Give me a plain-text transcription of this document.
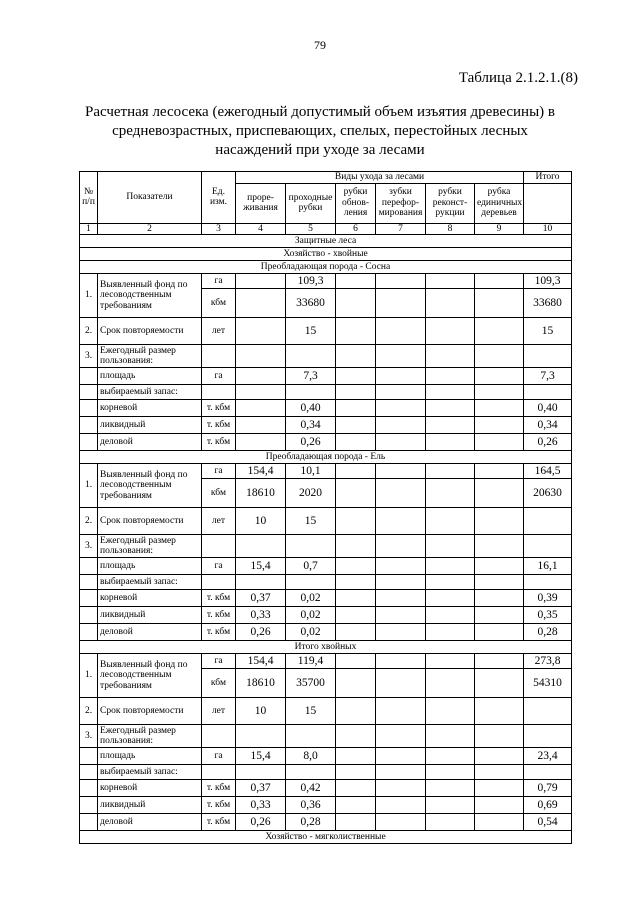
79
Таблица 2.1.2.1.(8)
Расчетная лесосека (ежегодный допустимый объем изъятия древесины) в
средневозрастных, приспевающих, спелых, перестойных лесных
насаждений при уходе за лесами
№ п/п	Показатели	Ед. изм.	Виды ухода за лесами						Итого
			проре-живания	проходные рубки	рубки обнов-ления	зубки перефор-мирования	рубки реконст-рукции	рубка единичных деревьев	
1	2	3	4	5	6	7	8	9	10
Защитные леса									
Хозяйство - хвойные									
Преобладающая порода - Сосна									
1.	Выявленный фонд по лесоводственным требованиям	га		109,3					109,3
		кбм		33680					33680
2.	Срок повторяемости	лет		15					15
3.	Ежегодный размер пользования:								
	площадь	га		7,3					7,3
	выбираемый запас:								
	корневой	т. кбм		0,40					0,40
	ликвидный	т. кбм		0,34					0,34
	деловой	т. кбм		0,26					0,26
Преобладающая порода - Ель									
1.	Выявленный фонд по лесоводственным требованиям	га	154,4	10,1					164,5
		кбм	18610	2020					20630
2.	Срок повторяемости	лет	10	15					
3.	Ежегодный размер пользования:								
	площадь	га	15,4	0,7					16,1
	выбираемый запас:								
	корневой	т. кбм	0,37	0,02					0,39
	ликвидный	т. кбм	0,33	0,02					0,35
	деловой	т. кбм	0,26	0,02					0,28
Итого хвойных									
1.	Выявленный фонд по лесоводственным требованиям	га	154,4	119,4					273,8
		кбм	18610	35700					54310
2.	Срок повторяемости	лет	10	15					
3.	Ежегодный размер пользования:								
	площадь	га	15,4	8,0					23,4
	выбираемый запас:								
	корневой	т. кбм	0,37	0,42					0,79
	ликвидный	т. кбм	0,33	0,36					0,69
	деловой	т. кбм	0,26	0,28					0,54
Хозяйство - мягколиственные									
